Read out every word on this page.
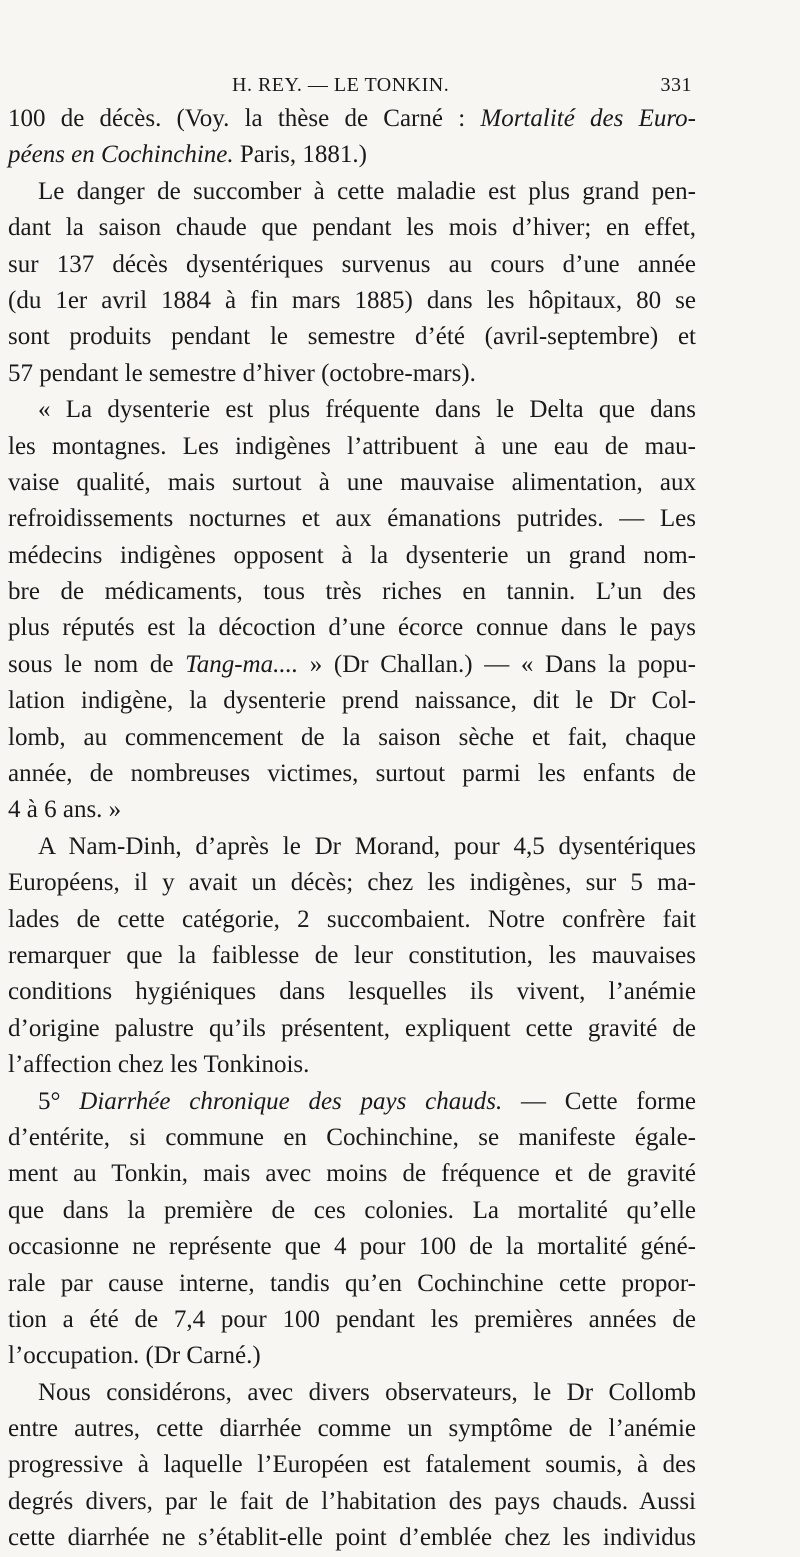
H. REY. — LE TONKIN.	331
100 de décès. (Voy. la thèse de Carné : Mortalité des Euro-
péens en Cochinchine. Paris, 1881.)
Le danger de succomber à cette maladie est plus grand pen-
dant la saison chaude que pendant les mois d’hiver; en effet,
sur 137 décès dysentériques survenus au cours d’une année
(du 1er avril 1884 à fin mars 1885) dans les hôpitaux, 80 se
sont produits pendant le semestre d’été (avril-septembre) et
57 pendant le semestre d’hiver (octobre-mars).
« La dysenterie est plus fréquente dans le Delta que dans
les montagnes. Les indigènes l’attribuent à une eau de mau-
vaise qualité, mais surtout à une mauvaise alimentation, aux
refroidissements nocturnes et aux émanations putrides. — Les
médecins indigènes opposent à la dysenterie un grand nom-
bre de médicaments, tous très riches en tannin. L’un des
plus réputés est la décoction d’une écorce connue dans le pays
sous le nom de Tang-ma.... » (Dr Challan.) — « Dans la popu-
lation indigène, la dysenterie prend naissance, dit le Dr Col-
lomb, au commencement de la saison sèche et fait, chaque
année, de nombreuses victimes, surtout parmi les enfants de
4 à 6 ans. »
A Nam-Dinh, d’après le Dr Morand, pour 4,5 dysentériques
Européens, il y avait un décès; chez les indigènes, sur 5 ma-
lades de cette catégorie, 2 succombaient. Notre confrère fait
remarquer que la faiblesse de leur constitution, les mauvaises
conditions hygiéniques dans lesquelles ils vivent, l’anémie
d’origine palustre qu’ils présentent, expliquent cette gravité de
l’affection chez les Tonkinois.
5° Diarrhée chronique des pays chauds. — Cette forme
d’entérite, si commune en Cochinchine, se manifeste égale-
ment au Tonkin, mais avec moins de fréquence et de gravité
que dans la première de ces colonies. La mortalité qu’elle
occasionne ne représente que 4 pour 100 de la mortalité géné-
rale par cause interne, tandis qu’en Cochinchine cette propor-
tion a été de 7,4 pour 100 pendant les premières années de
l’occupation. (Dr Carné.)
Nous considérons, avec divers observateurs, le Dr Collomb
entre autres, cette diarrhée comme un symptôme de l’anémie
progressive à laquelle l’Européen est fatalement soumis, à des
degrés divers, par le fait de l’habitation des pays chauds. Aussi
cette diarrhée ne s’établit-elle point d’emblée chez les individus
